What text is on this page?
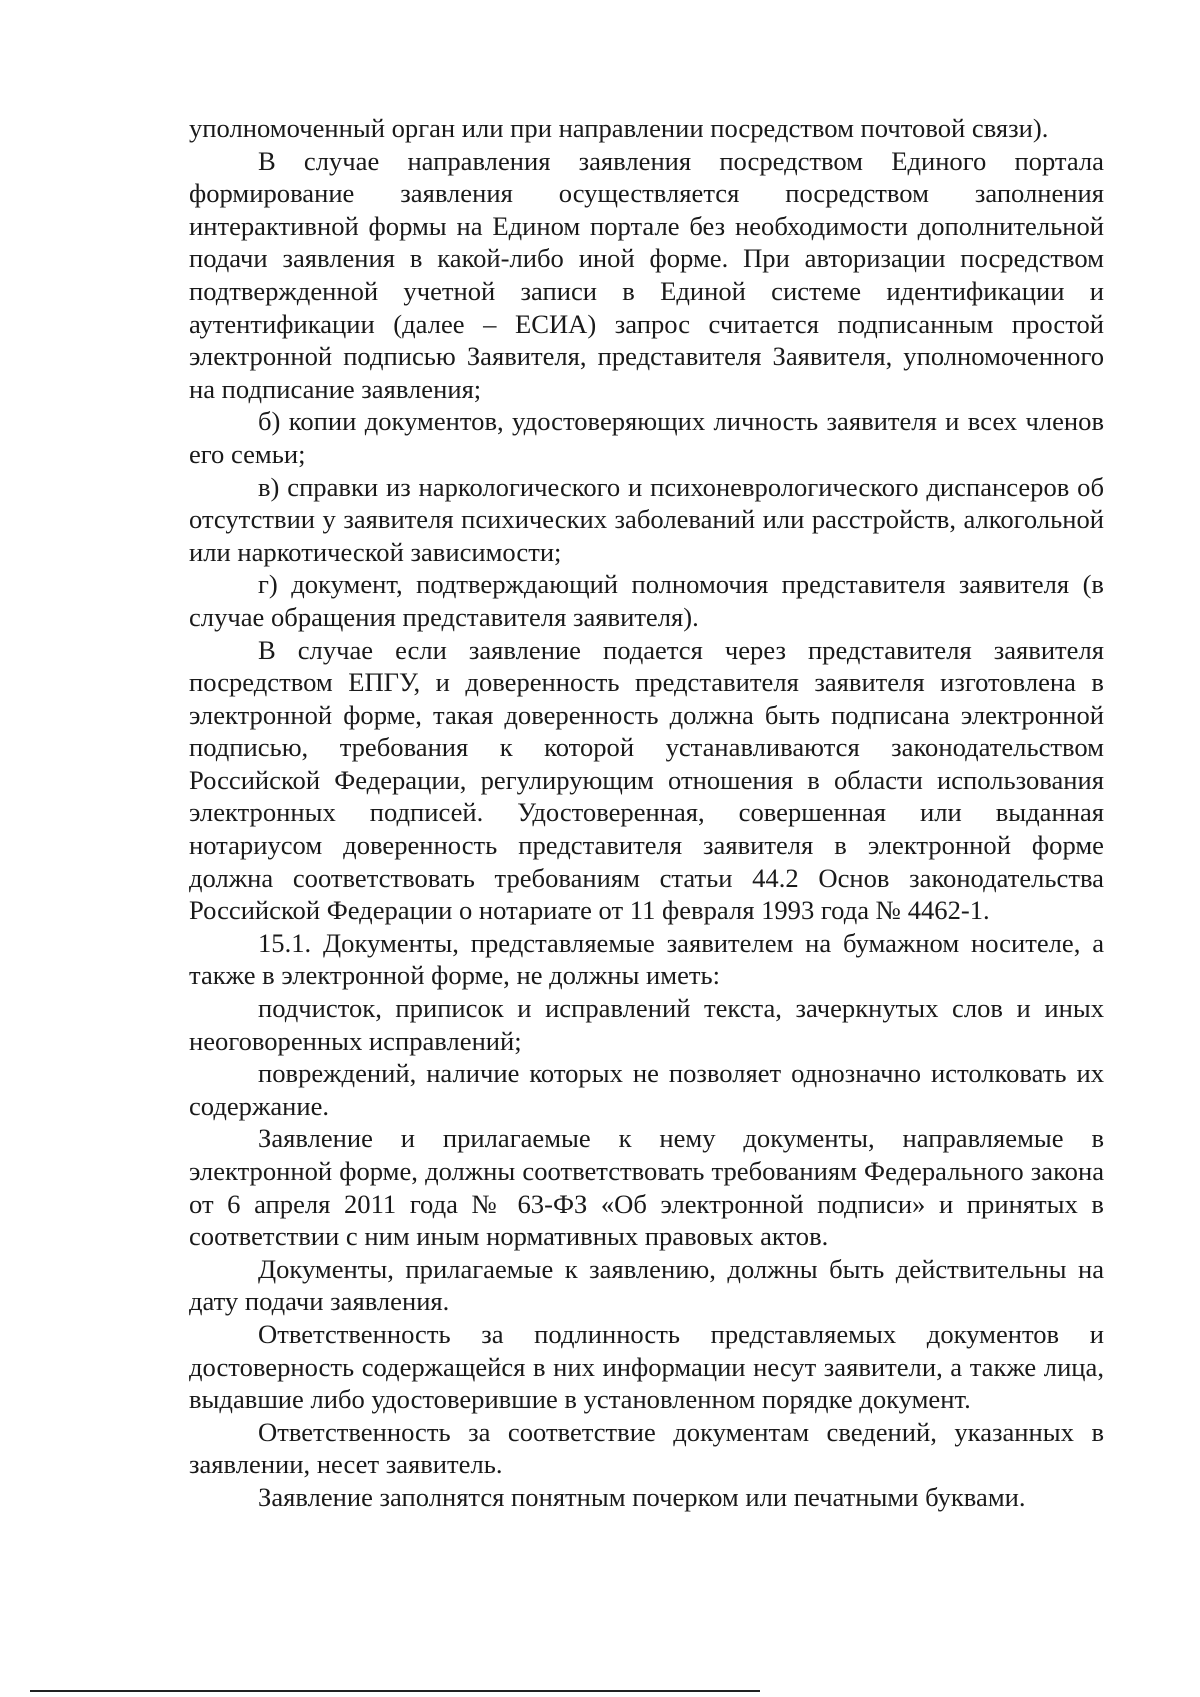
уполномоченный орган или при направлении посредством почтовой связи).

В случае направления заявления посредством Единого портала формирование заявления осуществляется посредством заполнения интерактивной формы на Едином портале без необходимости дополнительной подачи заявления в какой-либо иной форме. При авторизации посредством подтвержденной учетной записи в Единой системе идентификации и аутентификации (далее – ЕСИА) запрос считается подписанным простой электронной подписью Заявителя, представителя Заявителя, уполномоченного на подписание заявления;

б) копии документов, удостоверяющих личность заявителя и всех членов его семьи;

в) справки из наркологического и психоневрологического диспансеров об отсутствии у заявителя психических заболеваний или расстройств, алкогольной или наркотической зависимости;

г) документ, подтверждающий полномочия представителя заявителя (в случае обращения представителя заявителя).

В случае если заявление подается через представителя заявителя посредством ЕПГУ, и доверенность представителя заявителя изготовлена в электронной форме, такая доверенность должна быть подписана электронной подписью, требования к которой устанавливаются законодательством Российской Федерации, регулирующим отношения в области использования электронных подписей. Удостоверенная, совершенная или выданная нотариусом доверенность представителя заявителя в электронной форме должна соответствовать требованиям статьи 44.2 Основ законодательства Российской Федерации о нотариате от 11 февраля 1993 года № 4462-1.

15.1. Документы, представляемые заявителем на бумажном носителе, а также в электронной форме, не должны иметь:

подчисток, приписок и исправлений текста, зачеркнутых слов и иных неоговоренных исправлений;

повреждений, наличие которых не позволяет однозначно истолковать их содержание.

Заявление и прилагаемые к нему документы, направляемые в электронной форме, должны соответствовать требованиям Федерального закона от 6 апреля 2011 года № 63-ФЗ «Об электронной подписи» и принятых в соответствии с ним иным нормативных правовых актов.

Документы, прилагаемые к заявлению, должны быть действительны на дату подачи заявления.

Ответственность за подлинность представляемых документов и достоверность содержащейся в них информации несут заявители, а также лица, выдавшие либо удостоверившие в установленном порядке документ.

Ответственность за соответствие документам сведений, указанных в заявлении, несет заявитель.

Заявление заполнятся понятным почерком или печатными буквами.
